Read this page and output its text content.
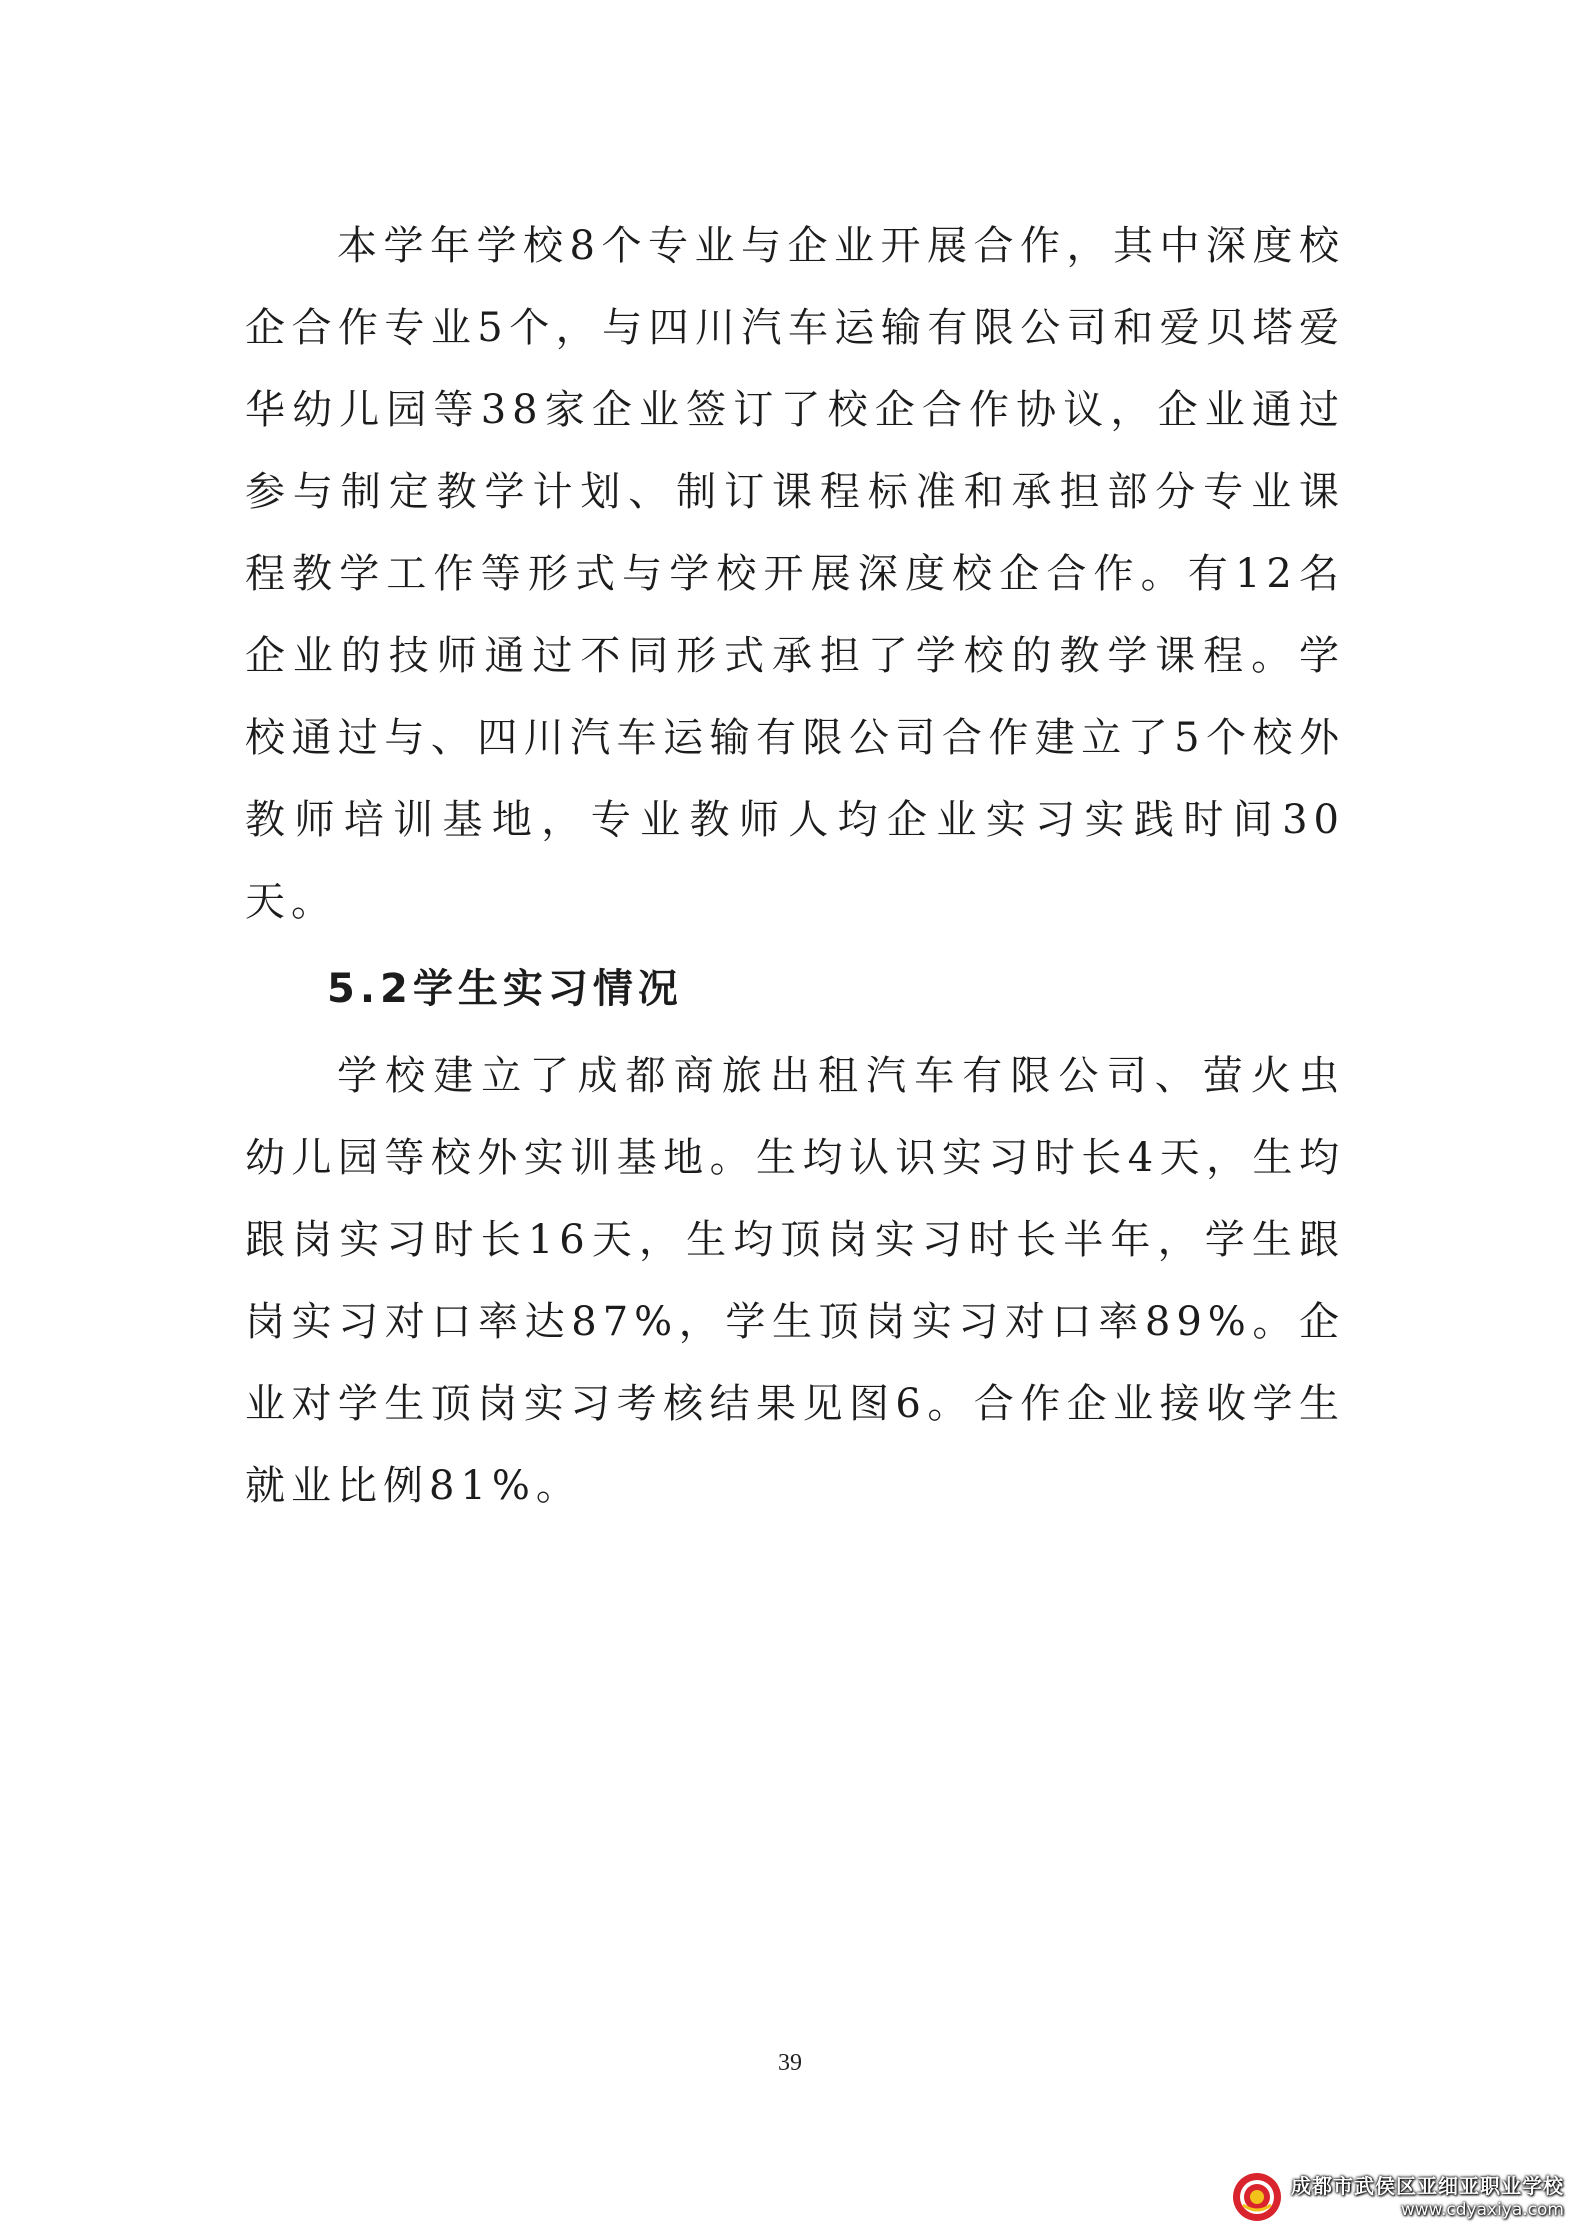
本学年学校8个专业与企业开展合作，其中深度校企合作专业5个，与四川汽车运输有限公司和爱贝塔爱华幼儿园等38家企业签订了校企合作协议，企业通过参与制定教学计划、制订课程标准和承担部分专业课程教学工作等形式与学校开展深度校企合作。有12名企业的技师通过不同形式承担了学校的教学课程。学校通过与、四川汽车运输有限公司合作建立了5个校外教师培训基地，专业教师人均企业实习实践时间30天。

5.2学生实习情况

学校建立了成都商旅出租汽车有限公司、萤火虫幼儿园等校外实训基地。生均认识实习时长4天，生均跟岗实习时长16天，生均顶岗实习时长半年，学生跟岗实习对口率达87%，学生顶岗实习对口率89%。企业对学生顶岗实习考核结果见图6。合作企业接收学生就业比例81%。

39
成都市武侯区亚细亚职业学校
www.cdyaxiya.com
